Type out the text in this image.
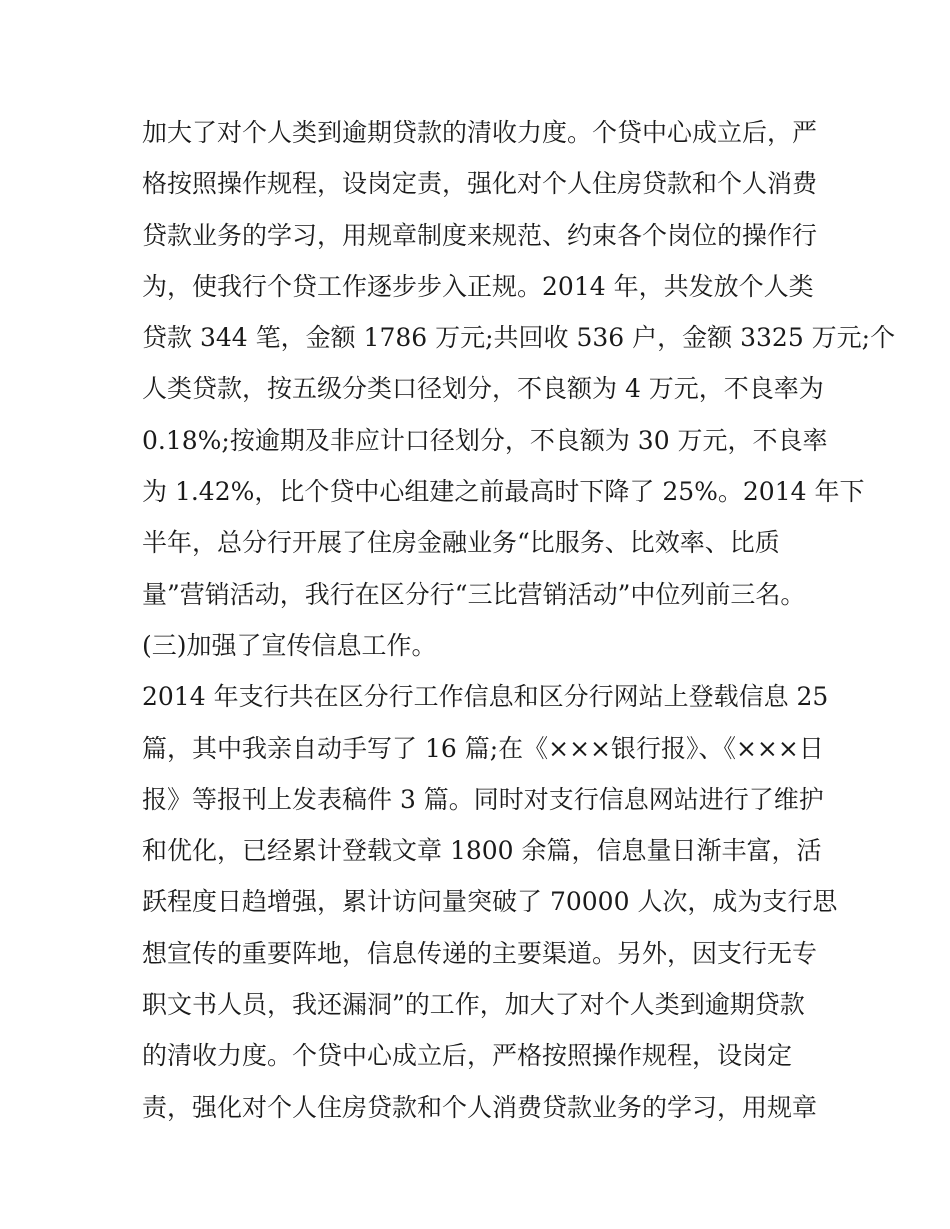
加大了对个人类到逾期贷款的清收力度。个贷中心成立后，严
格按照操作规程，设岗定责，强化对个人住房贷款和个人消费
贷款业务的学习，用规章制度来规范、约束各个岗位的操作行
为，使我行个贷工作逐步步入正规。2014 年，共发放个人类
贷款 344 笔，金额 1786 万元;共回收 536 户，金额 3325 万元;个
人类贷款，按五级分类口径划分，不良额为 4 万元，不良率为
0.18%;按逾期及非应计口径划分，不良额为 30 万元，不良率
为 1.42%，比个贷中心组建之前最高时下降了 25%。2014 年下
半年，总分行开展了住房金融业务“比服务、比效率、比质
量”营销活动，我行在区分行“三比营销活动”中位列前三名。
(三)加强了宣传信息工作。
2014 年支行共在区分行工作信息和区分行网站上登载信息 25
篇，其中我亲自动手写了 16 篇;在《×××银行报》、《×××日
报》等报刊上发表稿件 3 篇。同时对支行信息网站进行了维护
和优化，已经累计登载文章 1800 余篇，信息量日渐丰富，活
跃程度日趋增强，累计访问量突破了 70000 人次，成为支行思
想宣传的重要阵地，信息传递的主要渠道。另外，因支行无专
职文书人员，我还漏洞”的工作，加大了对个人类到逾期贷款
的清收力度。个贷中心成立后，严格按照操作规程，设岗定
责，强化对个人住房贷款和个人消费贷款业务的学习，用规章
